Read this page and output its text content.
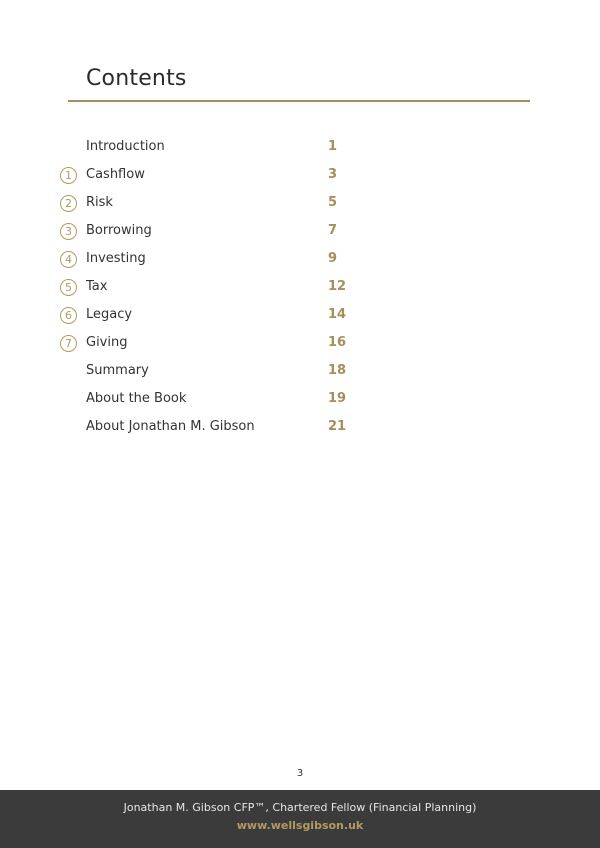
Contents
Introduction	1
1	Cashflow	3
2	Risk	5
3	Borrowing	7
4	Investing	9
5	Tax	12
6	Legacy	14
7	Giving	16
Summary	18
About the Book	19
About Jonathan M. Gibson	21
3
Jonathan M. Gibson CFP™, Chartered Fellow (Financial Planning)
www.wellsgibson.uk
